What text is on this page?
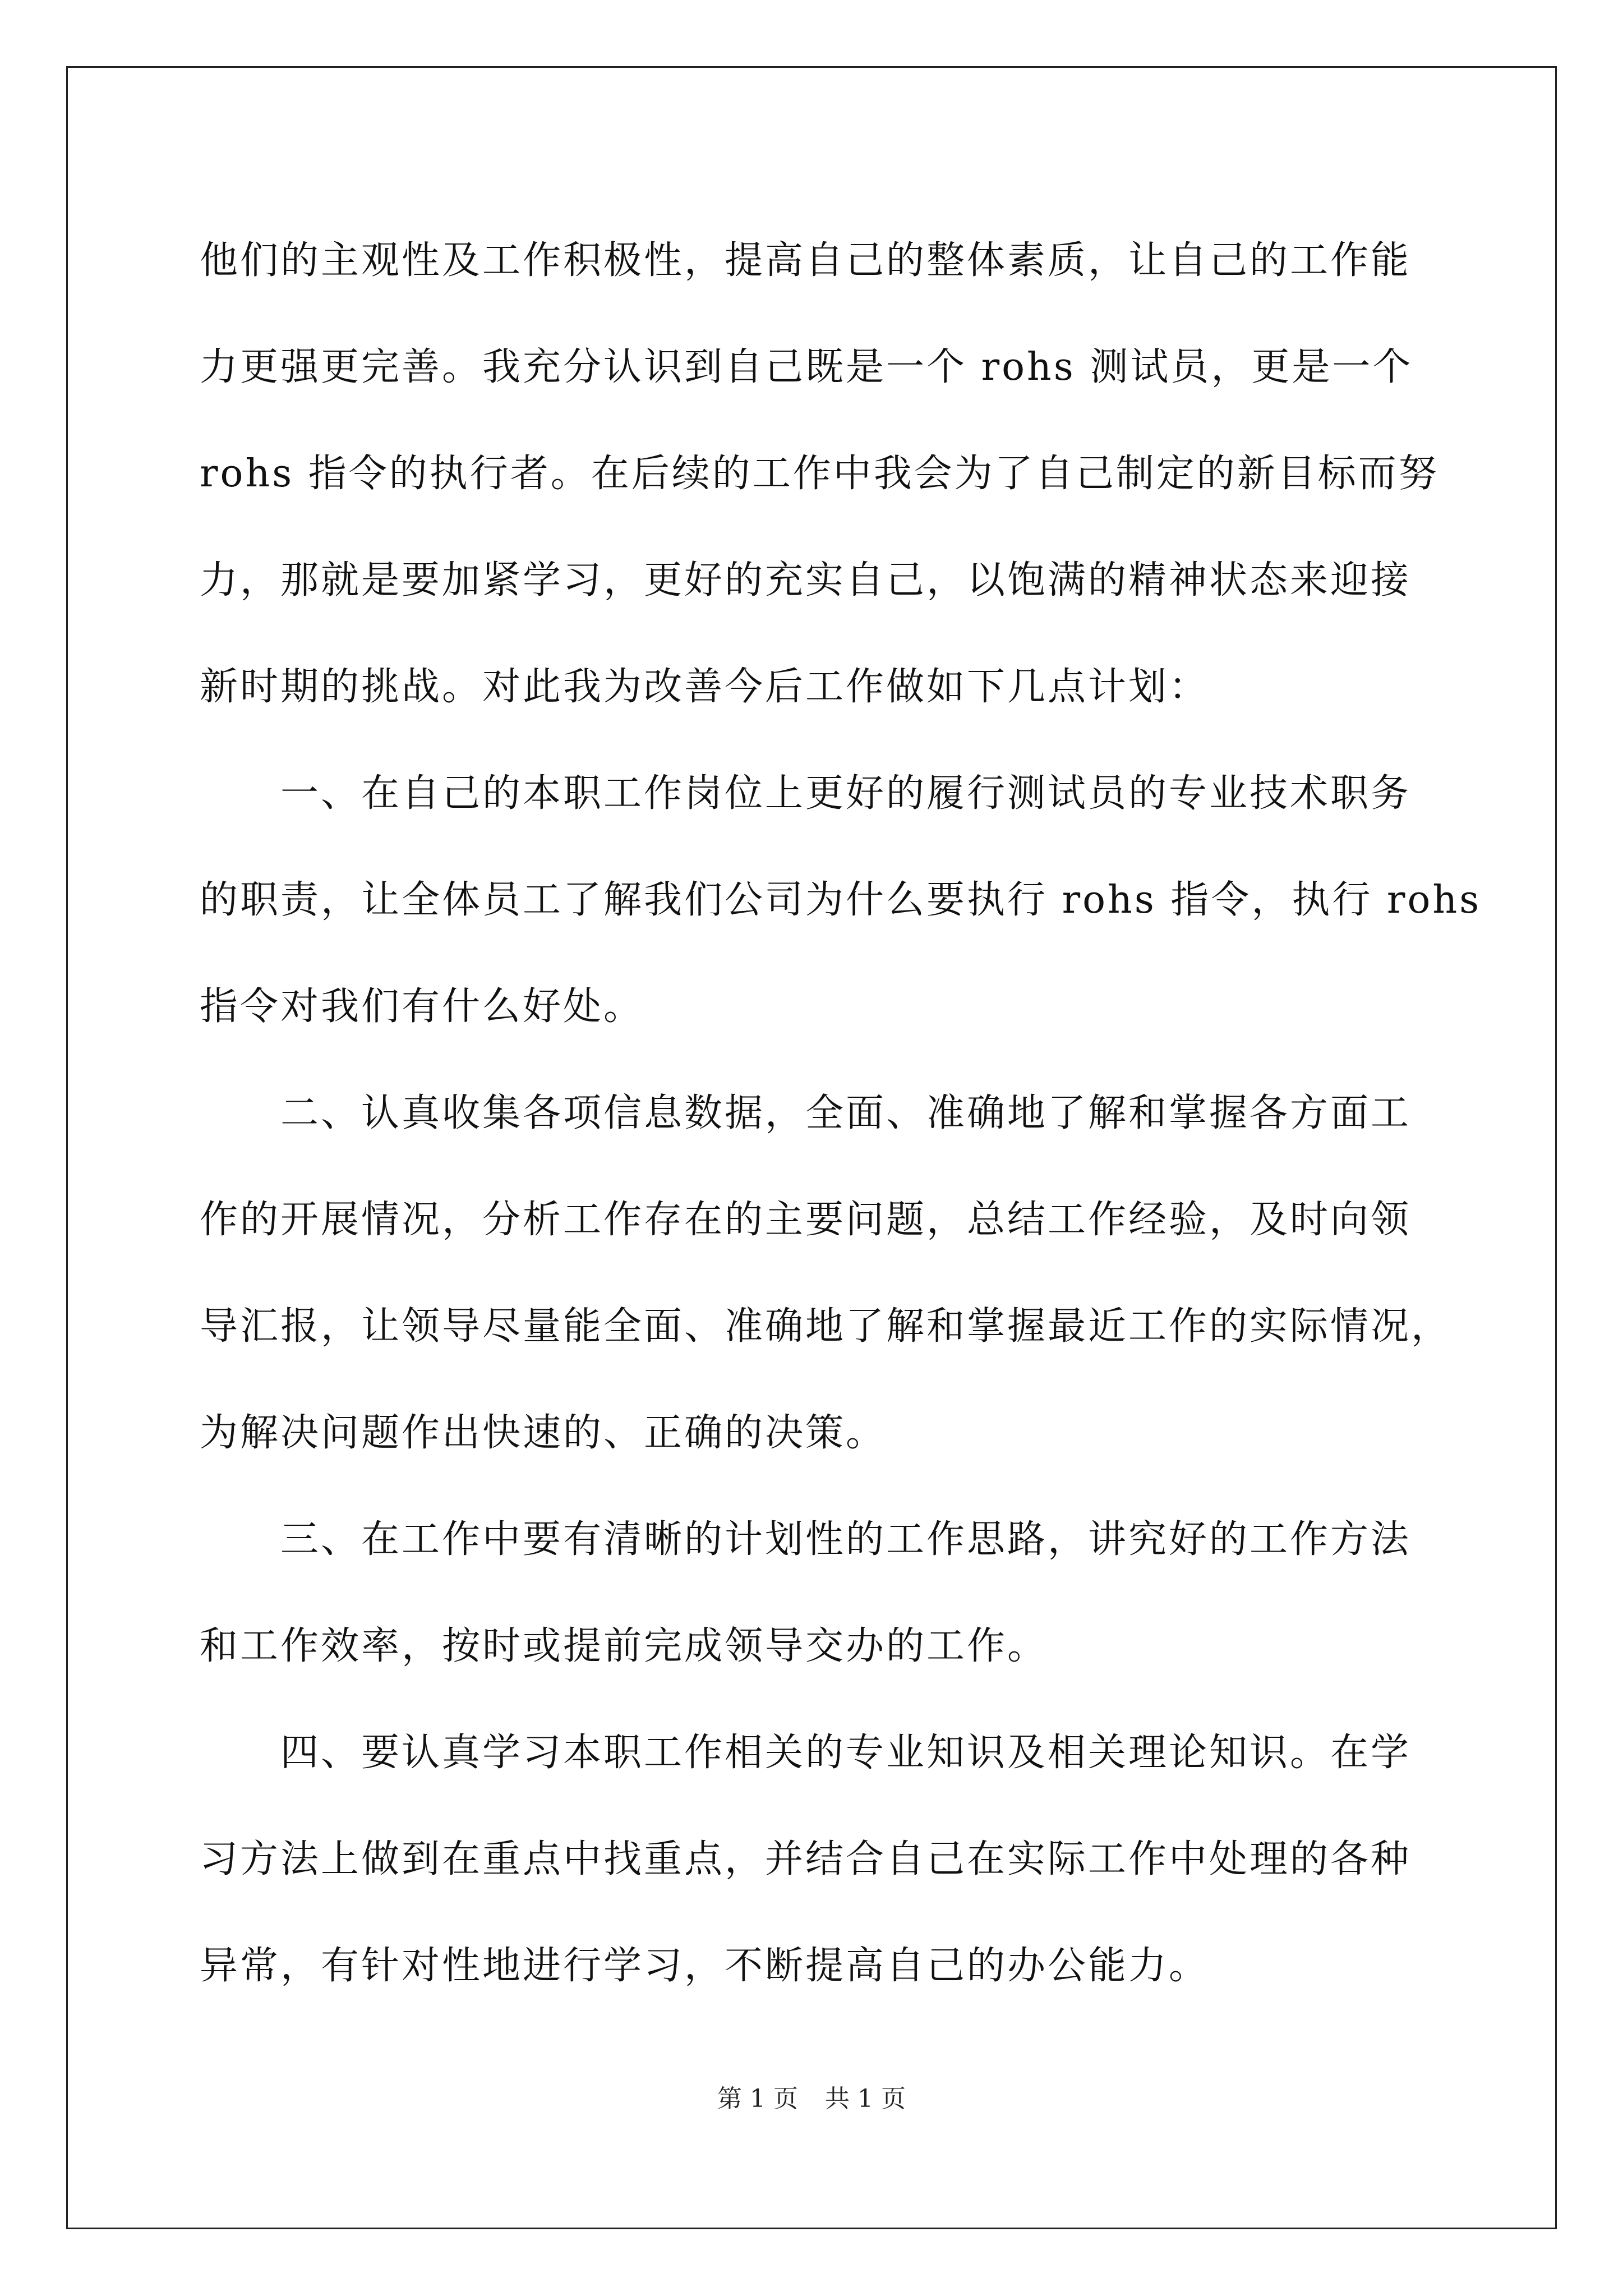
他们的主观性及工作积极性，提高自己的整体素质，让自己的工作能
力更强更完善。我充分认识到自己既是一个 rohs 测试员，更是一个
rohs 指令的执行者。在后续的工作中我会为了自己制定的新目标而努
力，那就是要加紧学习，更好的充实自己，以饱满的精神状态来迎接
新时期的挑战。对此我为改善今后工作做如下几点计划：
　　一、在自己的本职工作岗位上更好的履行测试员的专业技术职务
的职责，让全体员工了解我们公司为什么要执行 rohs 指令，执行 rohs
指令对我们有什么好处。
　　二、认真收集各项信息数据，全面、准确地了解和掌握各方面工
作的开展情况，分析工作存在的主要问题，总结工作经验，及时向领
导汇报，让领导尽量能全面、准确地了解和掌握最近工作的实际情况，
为解决问题作出快速的、正确的决策。
　　三、在工作中要有清晰的计划性的工作思路，讲究好的工作方法
和工作效率，按时或提前完成领导交办的工作。
　　四、要认真学习本职工作相关的专业知识及相关理论知识。在学
习方法上做到在重点中找重点，并结合自己在实际工作中处理的各种
异常，有针对性地进行学习，不断提高自己的办公能力。
第 1 页 共 1 页
